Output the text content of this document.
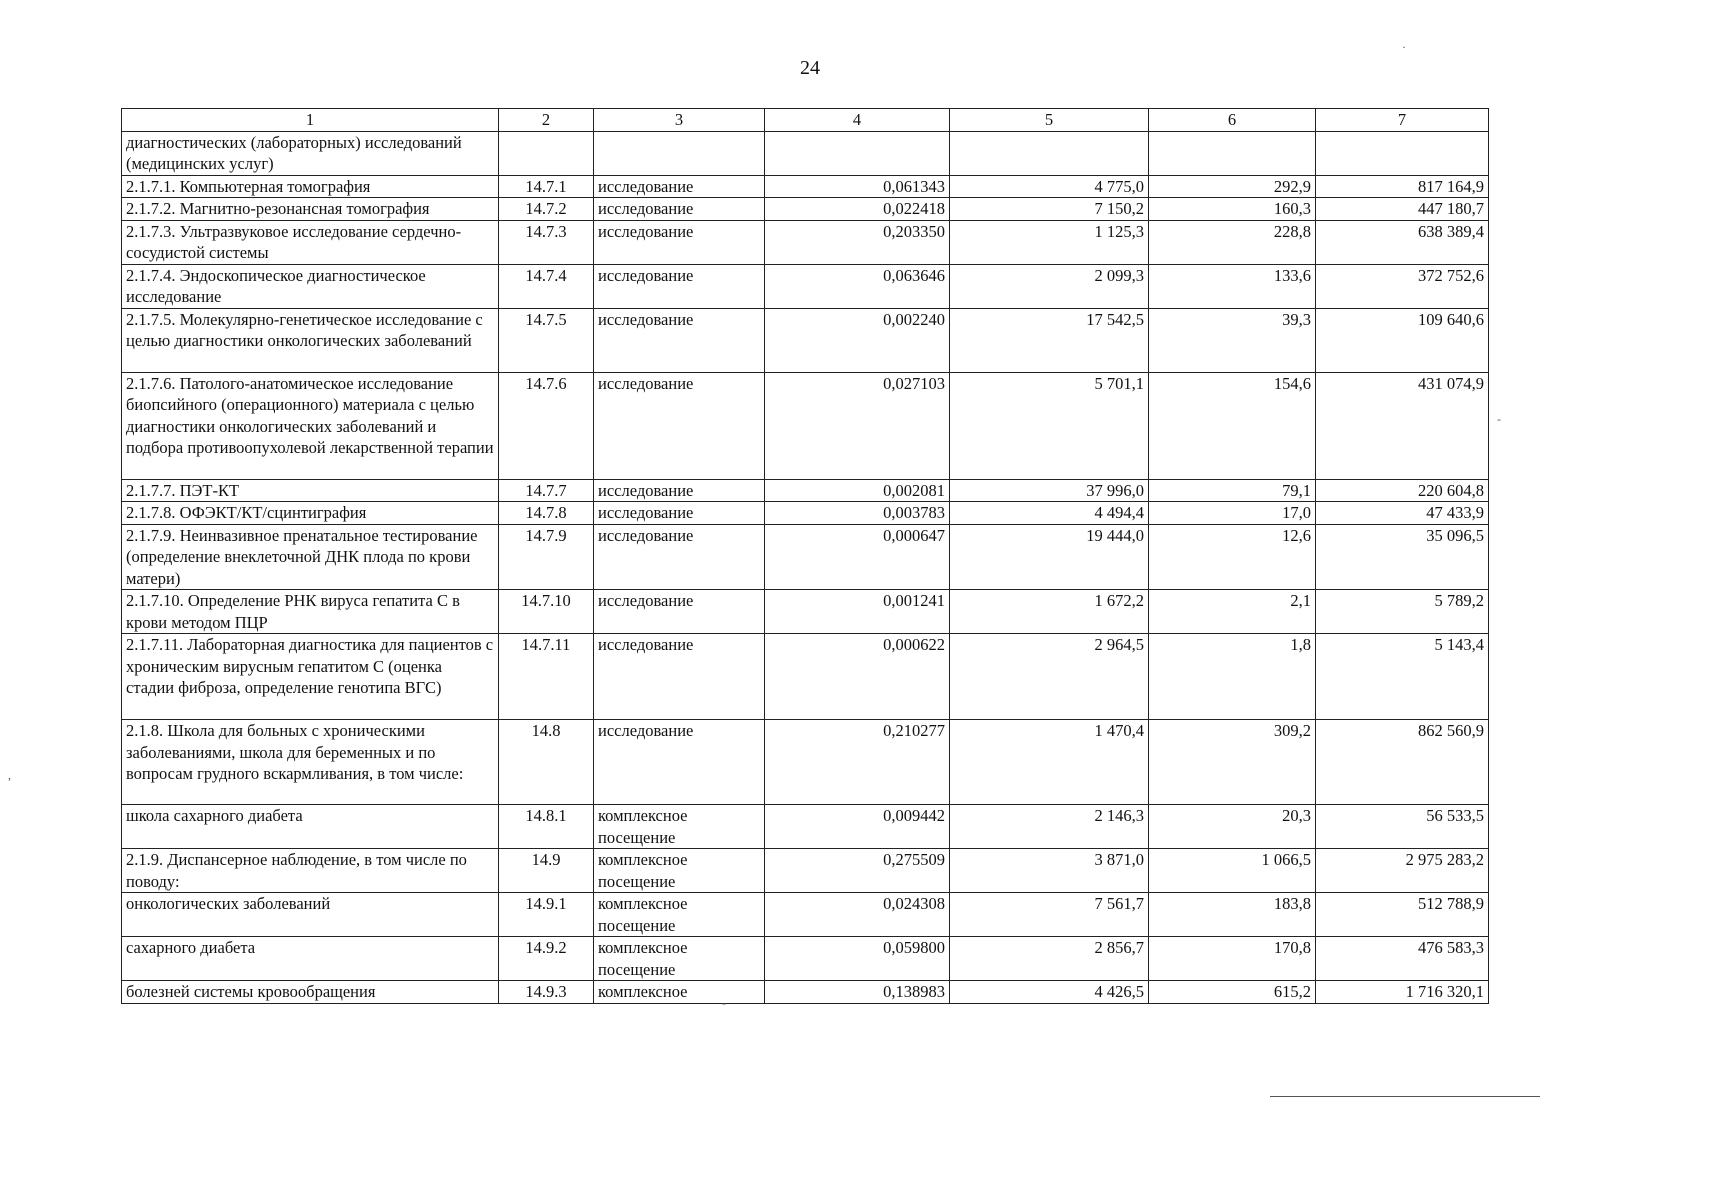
24
1	2	3	4	5	6	7
диагностических (лабораторных) исследований (медицинских услуг)						
2.1.7.1. Компьютерная томография	14.7.1	исследование	0,061343	4 775,0	292,9	817 164,9
2.1.7.2. Магнитно-резонансная томография	14.7.2	исследование	0,022418	7 150,2	160,3	447 180,7
2.1.7.3. Ультразвуковое исследование сердечно-сосудистой системы	14.7.3	исследование	0,203350	1 125,3	228,8	638 389,4
2.1.7.4. Эндоскопическое диагностическое исследование	14.7.4	исследование	0,063646	2 099,3	133,6	372 752,6
2.1.7.5. Молекулярно-генетическое исследование с целью диагностики онкологических заболеваний	14.7.5	исследование	0,002240	17 542,5	39,3	109 640,6
2.1.7.6. Патолого-анатомическое исследование биопсийного (операционного) материала с целью диагностики онкологических заболеваний и подбора противоопухолевой лекарственной терапии	14.7.6	исследование	0,027103	5 701,1	154,6	431 074,9
2.1.7.7. ПЭТ-КТ	14.7.7	исследование	0,002081	37 996,0	79,1	220 604,8
2.1.7.8. ОФЭКТ/КТ/сцинтиграфия	14.7.8	исследование	0,003783	4 494,4	17,0	47 433,9
2.1.7.9. Неинвазивное пренатальное тестирование (определение внеклеточной ДНК плода по крови матери)	14.7.9	исследование	0,000647	19 444,0	12,6	35 096,5
2.1.7.10. Определение РНК вируса гепатита С в крови методом ПЦР	14.7.10	исследование	0,001241	1 672,2	2,1	5 789,2
2.1.7.11. Лабораторная диагностика для пациентов с хроническим вирусным гепатитом С (оценка стадии фиброза, определение генотипа ВГС)	14.7.11	исследование	0,000622	2 964,5	1,8	5 143,4
2.1.8. Школа для больных с хроническими заболеваниями, школа для беременных и по вопросам грудного вскармливания, в том числе:	14.8	исследование	0,210277	1 470,4	309,2	862 560,9
школа сахарного диабета	14.8.1	комплексное посещение	0,009442	2 146,3	20,3	56 533,5
2.1.9. Диспансерное наблюдение, в том числе по поводу:	14.9	комплексное посещение	0,275509	3 871,0	1 066,5	2 975 283,2
онкологических заболеваний	14.9.1	комплексное посещение	0,024308	7 561,7	183,8	512 788,9
сахарного диабета	14.9.2	комплексное посещение	0,059800	2 856,7	170,8	476 583,3
болезней системы кровообращения	14.9.3	комплексное	0,138983	4 426,5	615,2	1 716 320,1
·
-
,
-
